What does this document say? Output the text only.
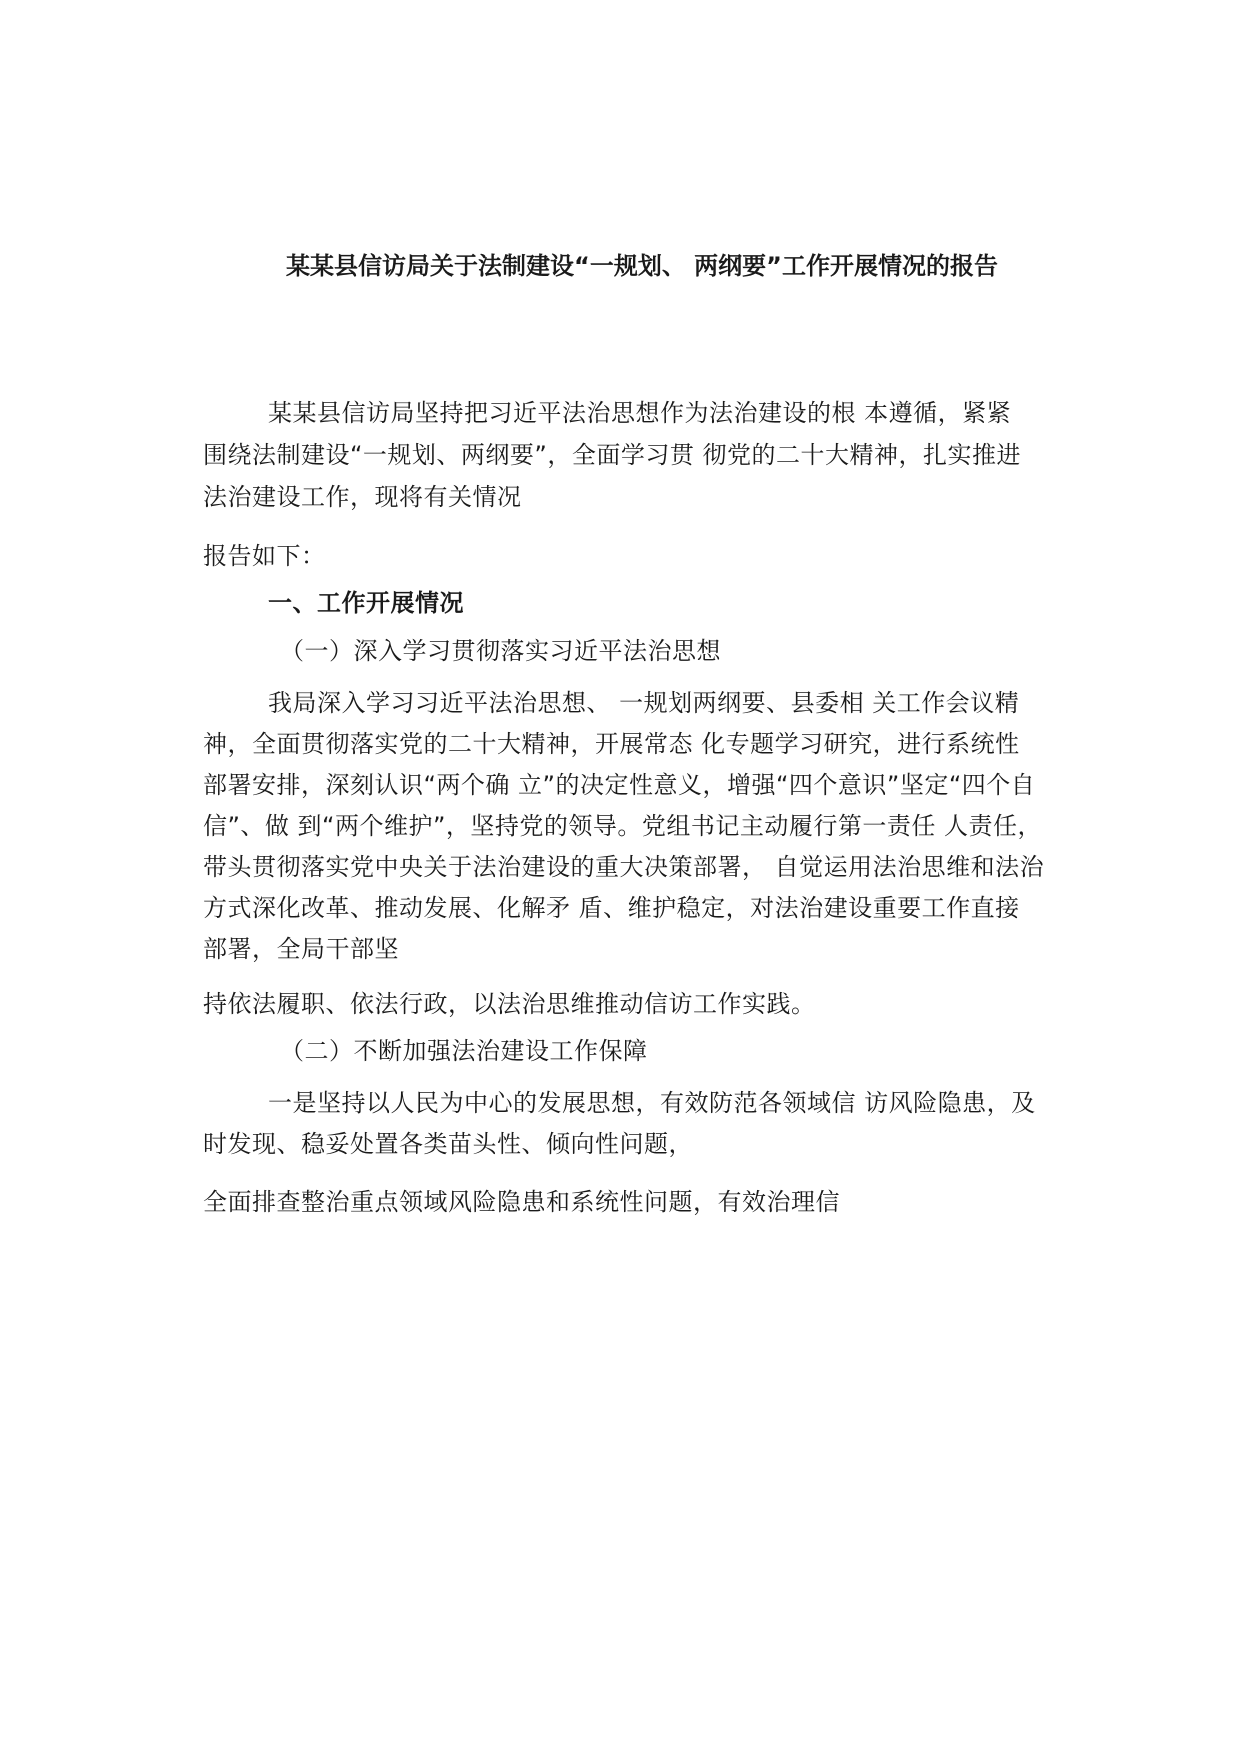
某某县信访局关于法制建设“一规划、 两纲要”工作开展情况的报告
某某县信访局坚持把习近平法治思想作为法治建设的根 本遵循，紧紧
围绕法制建设“一规划、两纲要”，全面学习贯 彻党的二十大精神，扎实推进
法治建设工作，现将有关情况
报告如下：
一、工作开展情况
（一）深入学习贯彻落实习近平法治思想
我局深入学习习近平法治思想、 一规划两纲要、县委相 关工作会议精
神，全面贯彻落实党的二十大精神，开展常态 化专题学习研究，进行系统性
部署安排，深刻认识“两个确 立”的决定性意义，增强“四个意识”坚定“四个自
信”、做 到“两个维护”，坚持党的领导。党组书记主动履行第一责任 人责任，
带头贯彻落实党中央关于法治建设的重大决策部署， 自觉运用法治思维和法治
方式深化改革、推动发展、化解矛 盾、维护稳定，对法治建设重要工作直接
部署，全局干部坚
持依法履职、依法行政，以法治思维推动信访工作实践。
（二）不断加强法治建设工作保障
一是坚持以人民为中心的发展思想，有效防范各领域信 访风险隐患，及
时发现、稳妥处置各类苗头性、倾向性问题，
全面排查整治重点领域风险隐患和系统性问题，有效治理信
